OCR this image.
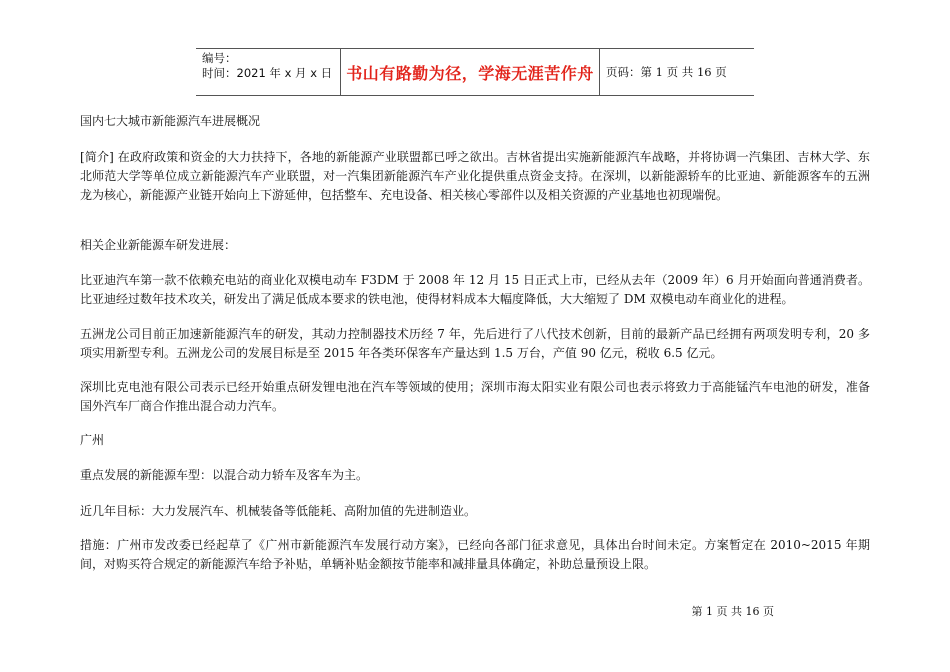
编号：
时间：2021 年 x 月 x 日 书山有路勤为径，学海无涯苦作舟 页码：第 1 页 共 16 页

国内七大城市新能源汽车进展概况

[简介] 在政府政策和资金的大力扶持下，各地的新能源产业联盟都已呼之欲出。吉林省提出实施新能源汽车战略，并将协调一汽集团、吉林大学、东北师范大学等单位成立新能源汽车产业联盟，对一汽集团新能源汽车产业化提供重点资金支持。在深圳，以新能源轿车的比亚迪、新能源客车的五洲龙为核心，新能源产业链开始向上下游延伸，包括整车、充电设备、相关核心零部件以及相关资源的产业基地也初现端倪。

相关企业新能源车研发进展：

比亚迪汽车第一款不依赖充电站的商业化双模电动车 F3DM 于 2008 年 12 月 15 日正式上市，已经从去年（2009 年）6 月开始面向普通消费者。比亚迪经过数年技术攻关，研发出了满足低成本要求的铁电池，使得材料成本大幅度降低，大大缩短了 DM 双模电动车商业化的进程。

五洲龙公司目前正加速新能源汽车的研发，其动力控制器技术历经 7 年，先后进行了八代技术创新，目前的最新产品已经拥有两项发明专利，20 多项实用新型专利。五洲龙公司的发展目标是至 2015 年各类环保客车产量达到 1.5 万台，产值 90 亿元，税收 6.5 亿元。

深圳比克电池有限公司表示已经开始重点研发锂电池在汽车等领域的使用；深圳市海太阳实业有限公司也表示将致力于高能锰汽车电池的研发，准备国外汽车厂商合作推出混合动力汽车。

广州

重点发展的新能源车型：以混合动力轿车及客车为主。

近几年目标：大力发展汽车、机械装备等低能耗、高附加值的先进制造业。

措施：广州市发改委已经起草了《广州市新能源汽车发展行动方案》，已经向各部门征求意见，具体出台时间未定。方案暂定在 2010~2015 年期间，对购买符合规定的新能源汽车给予补贴，单辆补贴金额按节能率和减排量具体确定，补助总量预设上限。

第 1 页 共 16 页
